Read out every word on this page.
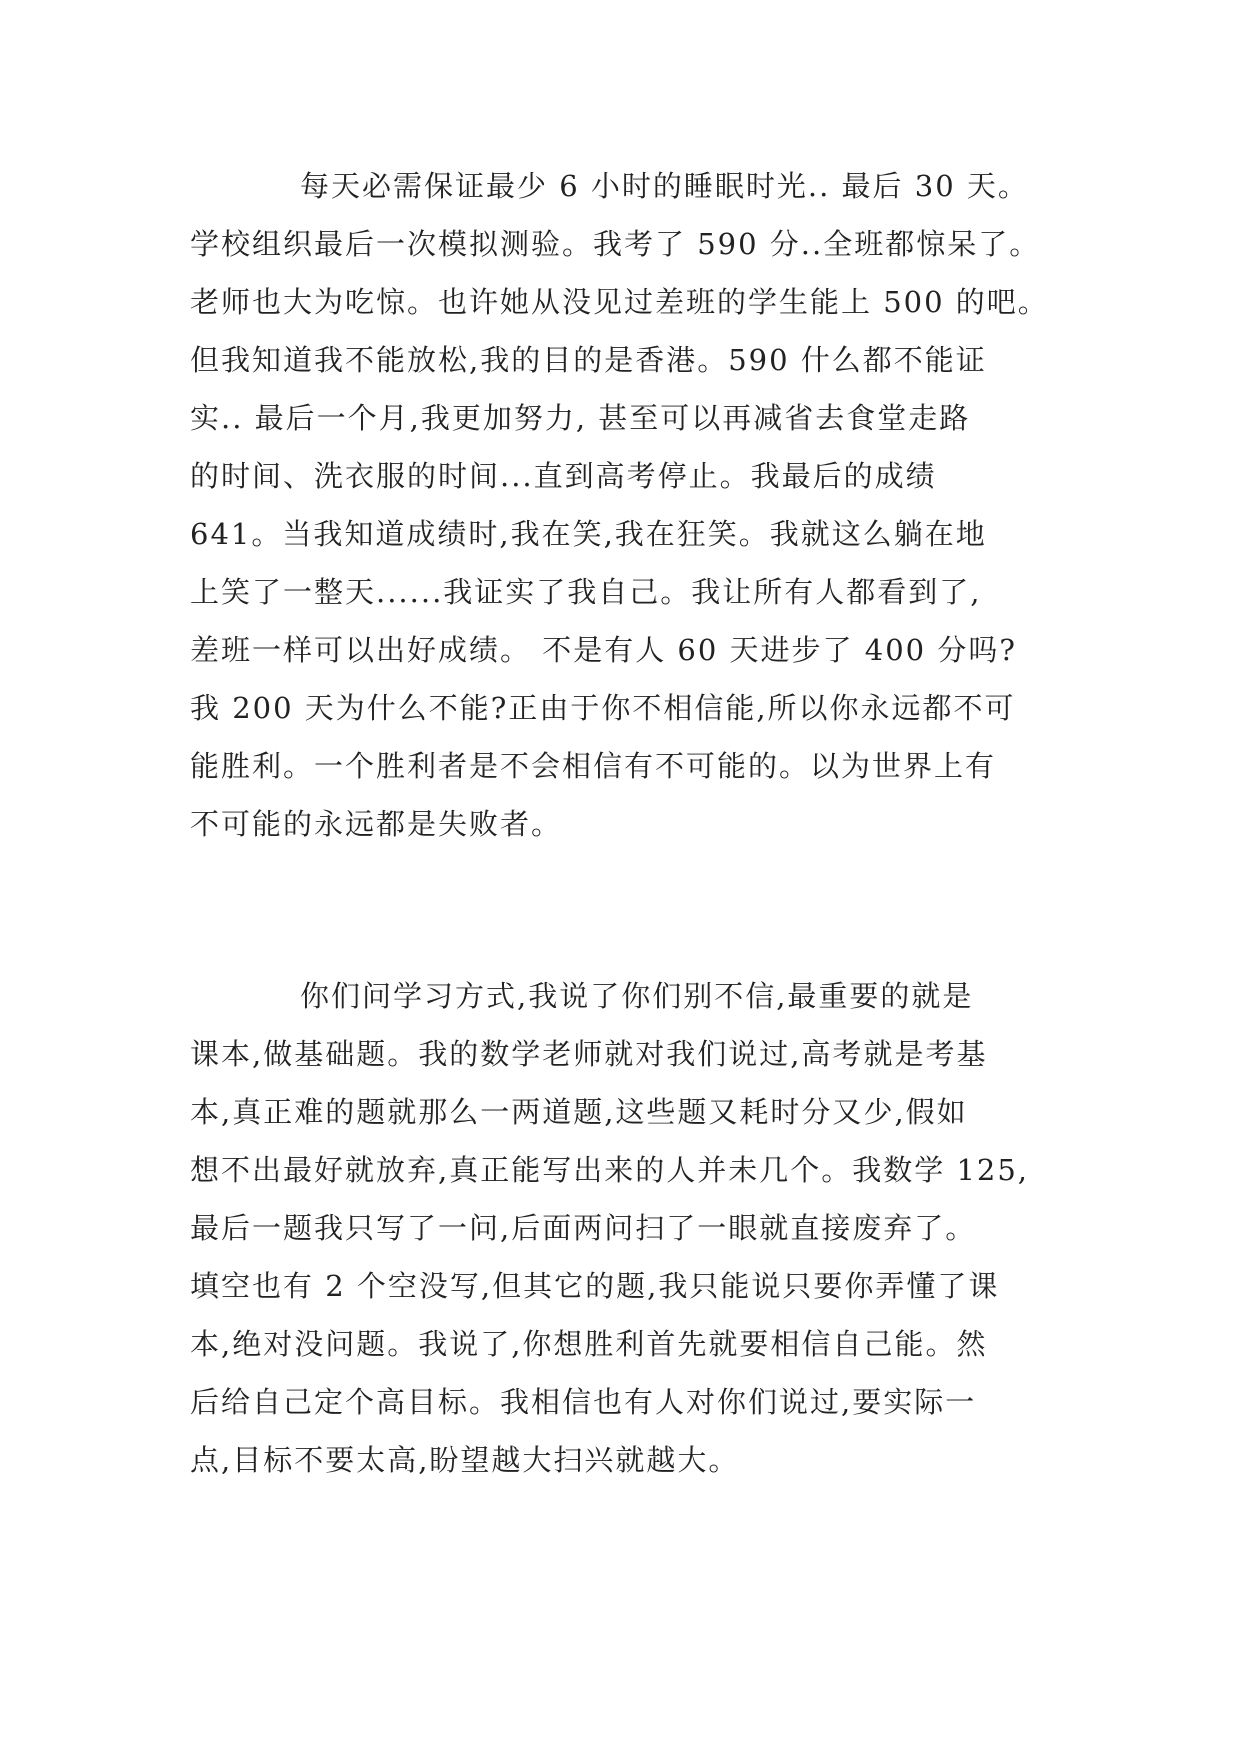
每天必需保证最少 6 小时的睡眠时光.. 最后 30 天。
学校组织最后一次模拟测验。我考了 590 分..全班都惊呆了。
老师也大为吃惊。也许她从没见过差班的学生能上 500 的吧。
但我知道我不能放松,我的目的是香港。590 什么都不能证
实.. 最后一个月,我更加努力, 甚至可以再减省去食堂走路
的时间、洗衣服的时间...直到高考停止。我最后的成绩
641。当我知道成绩时,我在笑,我在狂笑。我就这么躺在地
上笑了一整天......我证实了我自己。我让所有人都看到了,
差班一样可以出好成绩。 不是有人 60 天进步了 400 分吗?
我 200 天为什么不能?正由于你不相信能,所以你永远都不可
能胜利。一个胜利者是不会相信有不可能的。以为世界上有
不可能的永远都是失败者。
你们问学习方式,我说了你们别不信,最重要的就是
课本,做基础题。我的数学老师就对我们说过,高考就是考基
本,真正难的题就那么一两道题,这些题又耗时分又少,假如
想不出最好就放弃,真正能写出来的人并未几个。我数学 125,
最后一题我只写了一问,后面两问扫了一眼就直接废弃了。
填空也有 2 个空没写,但其它的题,我只能说只要你弄懂了课
本,绝对没问题。我说了,你想胜利首先就要相信自己能。然
后给自己定个高目标。我相信也有人对你们说过,要实际一
点,目标不要太高,盼望越大扫兴就越大。
